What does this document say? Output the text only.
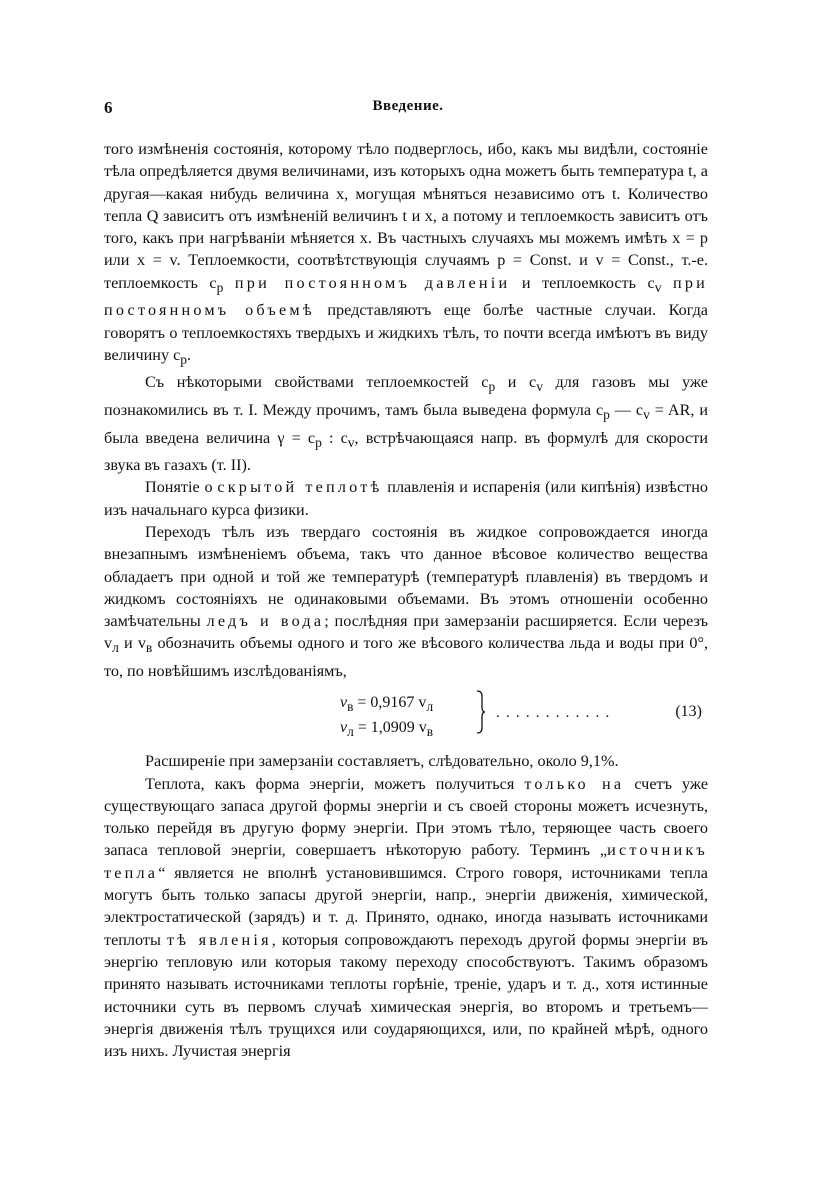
6	Введение.

того измѣненія состоянія, которому тѣло подверглось, ибо, какъ мы видѣли, состояніе тѣла опредѣляется двумя величинами, изъ которыхъ одна можетъ быть температура t, а другая—какая нибудь величина x, могущая мѣняться независимо отъ t. Количество тепла Q зависитъ отъ измѣненій величинъ t и x, а потому и теплоемкость зависитъ отъ того, какъ при нагрѣваніи мѣняется x. Въ частныхъ случаяхъ мы можемъ имѣть x = p или x = v. Теплоемкости, соотвѣтствующія случаямъ p = Const. и v = Const., т.-е. теплоемкость $c_p$ при постоянномъ давленіи и теплоемкость $c_v$ при постоянномъ объемѣ представляютъ еще болѣе частные случаи. Когда говорятъ о теплоемкостяхъ твердыхъ и жидкихъ тѣлъ, то почти всегда имѣютъ въ виду величину $c_p$.

Съ нѣкоторыми свойствами теплоемкостей $c_p$ и $c_v$ для газовъ мы уже познакомились въ т. I. Между прочимъ, тамъ была выведена формула $c_p$ — $c_v$ = AR, и была введена величина $\gamma = c_p$ : $c_v$, встрѣчающаяся напр. въ формулѣ для скорости звука въ газахъ (т. II).

Понятіе о скрытой теплотѣ плавленія и испаренія (или кипѣнія) извѣстно изъ начальнаго курса физики.

Переходъ тѣлъ изъ твердаго состоянія въ жидкое сопровождается иногда внезапнымъ измѣненіемъ объема, такъ что данное вѣсовое количество вещества обладаетъ при одной и той же температурѣ (температурѣ плавленія) въ твердомъ и жидкомъ состояніяхъ не одинаковыми объемами. Въ этомъ отношеніи особенно замѣчательны ледъ и вода; послѣдняя при замерзаніи расширяется. Если черезъ $v_л$ и $v_в$ обозначить объемы одного и того же вѣсового количества льда и воды при 0°, то, по новѣйшимъ изслѣдованіямъ,

$v_в = 0,9167$ $v_л$
$v_л = 1,0909$ $v_в$
............	(13)

Расширеніе при замерзаніи составляетъ, слѣдовательно, около 9,1%.

Теплота, какъ форма энергіи, можетъ получиться только на счетъ уже существующаго запаса другой формы энергіи и съ своей стороны можетъ исчезнуть, только перейдя въ другую форму энергіи. При этомъ тѣло, теряющее часть своего запаса тепловой энергіи, совершаетъ нѣкоторую работу. Терминъ „источникъ тепла“ является не вполнѣ установившимся. Строго говоря, источниками тепла могутъ быть только запасы другой энергіи, напр., энергіи движенія, химической, электростатической (зарядъ) и т. д. Принято, однако, иногда называть источниками теплоты тѣ явленія, которыя сопровождаютъ переходъ другой формы энергіи въ энергію тепловую или которыя такому переходу способствуютъ. Такимъ образомъ принято называть источниками теплоты горѣніе, треніе, ударъ и т. д., хотя истинные источники суть въ первомъ случаѣ химическая энергія, во второмъ и третьемъ—энергія движенія тѣлъ трущихся или соударяющихся, или, по крайней мѣрѣ, одного изъ нихъ. Лучистая энергія
